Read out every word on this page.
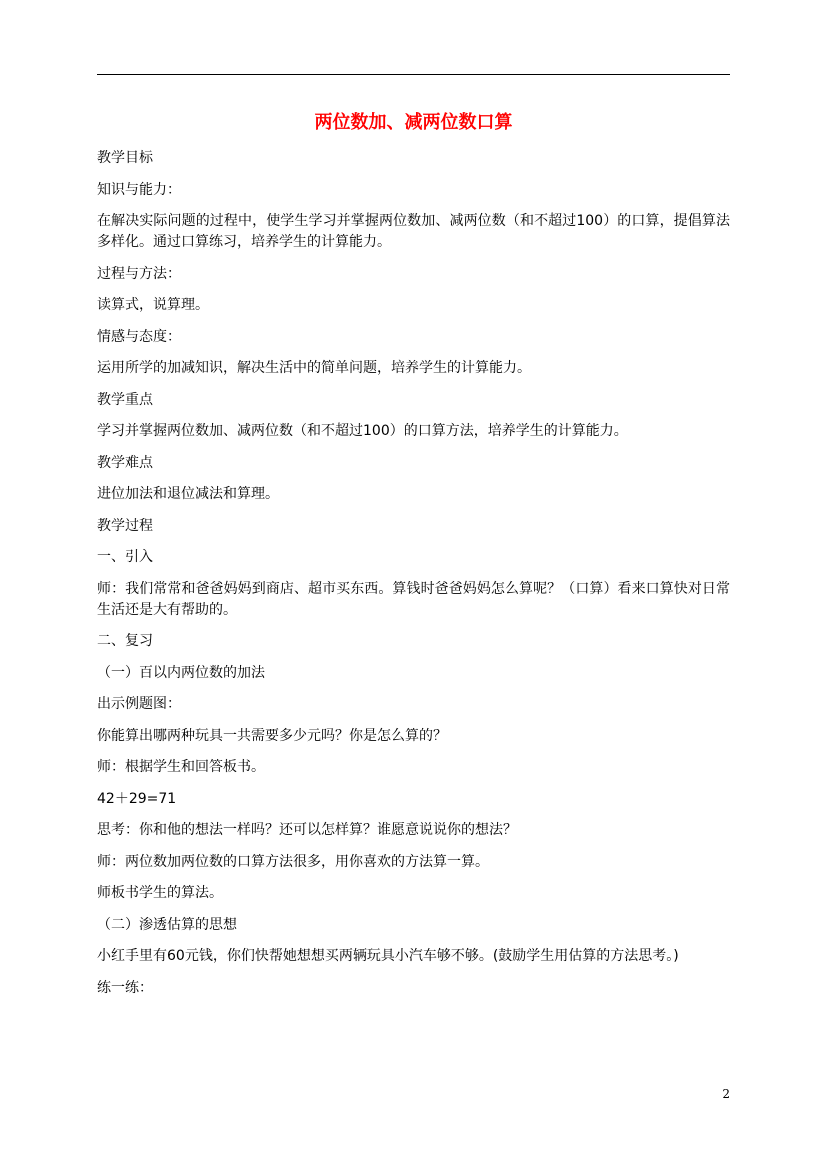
两位数加、减两位数口算

教学目标

知识与能力：

在解决实际问题的过程中，使学生学习并掌握两位数加、减两位数（和不超过100）的口算，提倡算法多样化。通过口算练习，培养学生的计算能力。

过程与方法：

读算式，说算理。

情感与态度：

运用所学的加减知识，解决生活中的简单问题，培养学生的计算能力。

教学重点

学习并掌握两位数加、减两位数（和不超过100）的口算方法，培养学生的计算能力。

教学难点

进位加法和退位减法和算理。

教学过程

一、引入

师：我们常常和爸爸妈妈到商店、超市买东西。算钱时爸爸妈妈怎么算呢？（口算）看来口算快对日常生活还是大有帮助的。

二、复习

（一）百以内两位数的加法

出示例题图：

你能算出哪两种玩具一共需要多少元吗？你是怎么算的？

师：根据学生和回答板书。

42＋29=71

思考：你和他的想法一样吗？还可以怎样算？谁愿意说说你的想法？

师：两位数加两位数的口算方法很多，用你喜欢的方法算一算。

师板书学生的算法。

（二）渗透估算的思想

小红手里有60元钱，你们快帮她想想买两辆玩具小汽车够不够。(鼓励学生用估算的方法思考。)

练一练：

2
